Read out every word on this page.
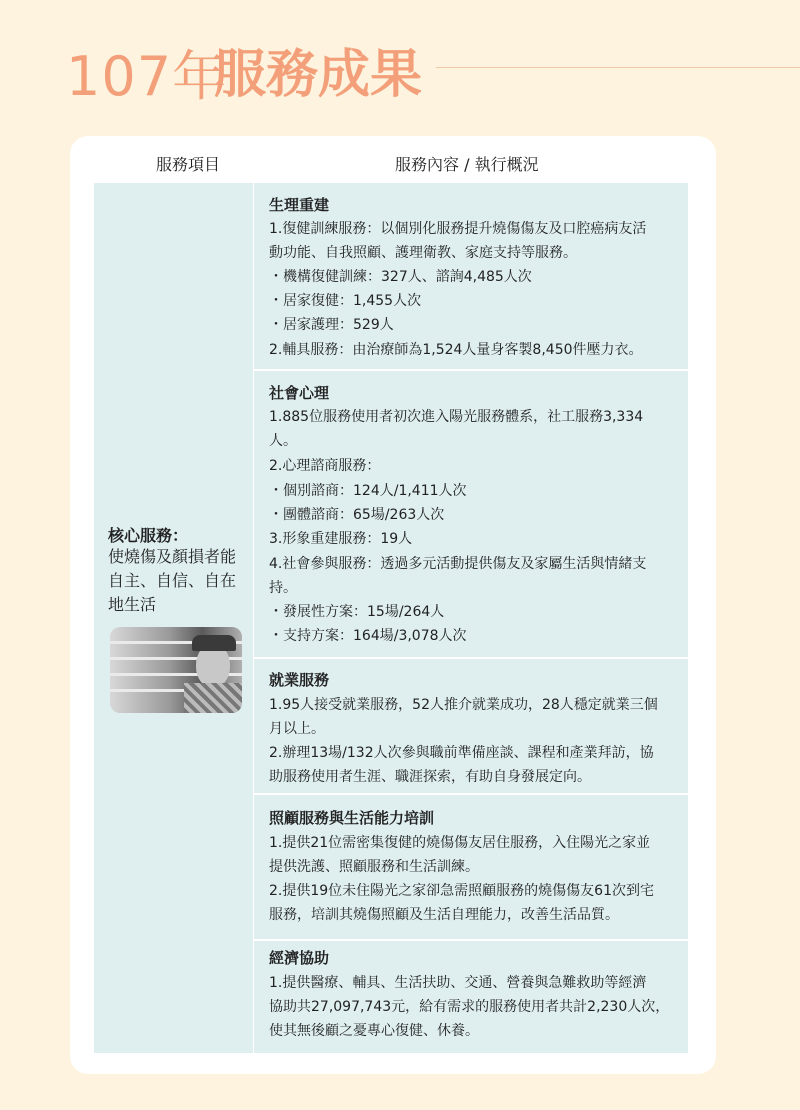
107年
服務成果
服務項目	服務內容 / 執行概況
核心服務：
使燒傷及顏損者能
自主、自信、自在
地生活
生理重建
1.復健訓練服務：以個別化服務提升燒傷傷友及口腔癌病友活
動功能、自我照顧、護理衛教、家庭支持等服務。
・機構復健訓練：327人、諮詢4,485人次
・居家復健：1,455人次
・居家護理：529人
2.輔具服務：由治療師為1,524人量身客製8,450件壓力衣。
社會心理
1.885位服務使用者初次進入陽光服務體系，社工服務3,334
人。
2.心理諮商服務：
・個別諮商：124人/1,411人次
・團體諮商：65場/263人次
3.形象重建服務：19人
4.社會參與服務：透過多元活動提供傷友及家屬生活與情緒支
持。
・發展性方案：15場/264人
・支持方案：164場/3,078人次
就業服務
1.95人接受就業服務，52人推介就業成功，28人穩定就業三個
月以上。
2.辦理13場/132人次參與職前準備座談、課程和產業拜訪，協
助服務使用者生涯、職涯探索，有助自身發展定向。
照顧服務與生活能力培訓
1.提供21位需密集復健的燒傷傷友居住服務，入住陽光之家並
提供洗護、照顧服務和生活訓練。
2.提供19位未住陽光之家卻急需照顧服務的燒傷傷友61次到宅
服務，培訓其燒傷照顧及生活自理能力，改善生活品質。
經濟協助
1.提供醫療、輔具、生活扶助、交通、營養與急難救助等經濟
協助共27,097,743元，給有需求的服務使用者共計2,230人次，
使其無後顧之憂專心復健、休養。
